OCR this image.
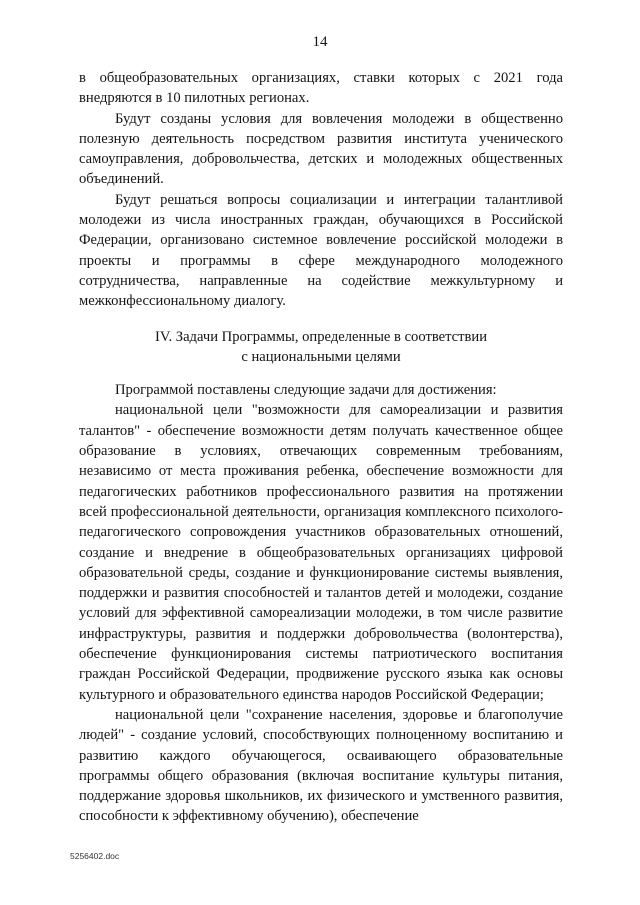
14

в общеобразовательных организациях, ставки которых с 2021 года внедряются в 10 пилотных регионах.

Будут созданы условия для вовлечения молодежи в общественно полезную деятельность посредством развития института ученического самоуправления, добровольчества, детских и молодежных общественных объединений.

Будут решаться вопросы социализации и интеграции талантливой молодежи из числа иностранных граждан, обучающихся в Российской Федерации, организовано системное вовлечение российской молодежи в проекты и программы в сфере международного молодежного сотрудничества, направленные на содействие межкультурному и межконфессиональному диалогу.

IV. Задачи Программы, определенные в соответствии
с национальными целями

Программой поставлены следующие задачи для достижения:

национальной цели "возможности для самореализации и развития талантов" - обеспечение возможности детям получать качественное общее образование в условиях, отвечающих современным требованиям, независимо от места проживания ребенка, обеспечение возможности для педагогических работников профессионального развития на протяжении всей профессиональной деятельности, организация комплексного психолого-педагогического сопровождения участников образовательных отношений, создание и внедрение в общеобразовательных организациях цифровой образовательной среды, создание и функционирование системы выявления, поддержки и развития способностей и талантов детей и молодежи, создание условий для эффективной самореализации молодежи, в том числе развитие инфраструктуры, развития и поддержки добровольчества (волонтерства), обеспечение функционирования системы патриотического воспитания граждан Российской Федерации, продвижение русского языка как основы культурного и образовательного единства народов Российской Федерации;

национальной цели "сохранение населения, здоровье и благополучие людей" - создание условий, способствующих полноценному воспитанию и развитию каждого обучающегося, осваивающего образовательные программы общего образования (включая воспитание культуры питания, поддержание здоровья школьников, их физического и умственного развития, способности к эффективному обучению), обеспечение

5256402.doc
